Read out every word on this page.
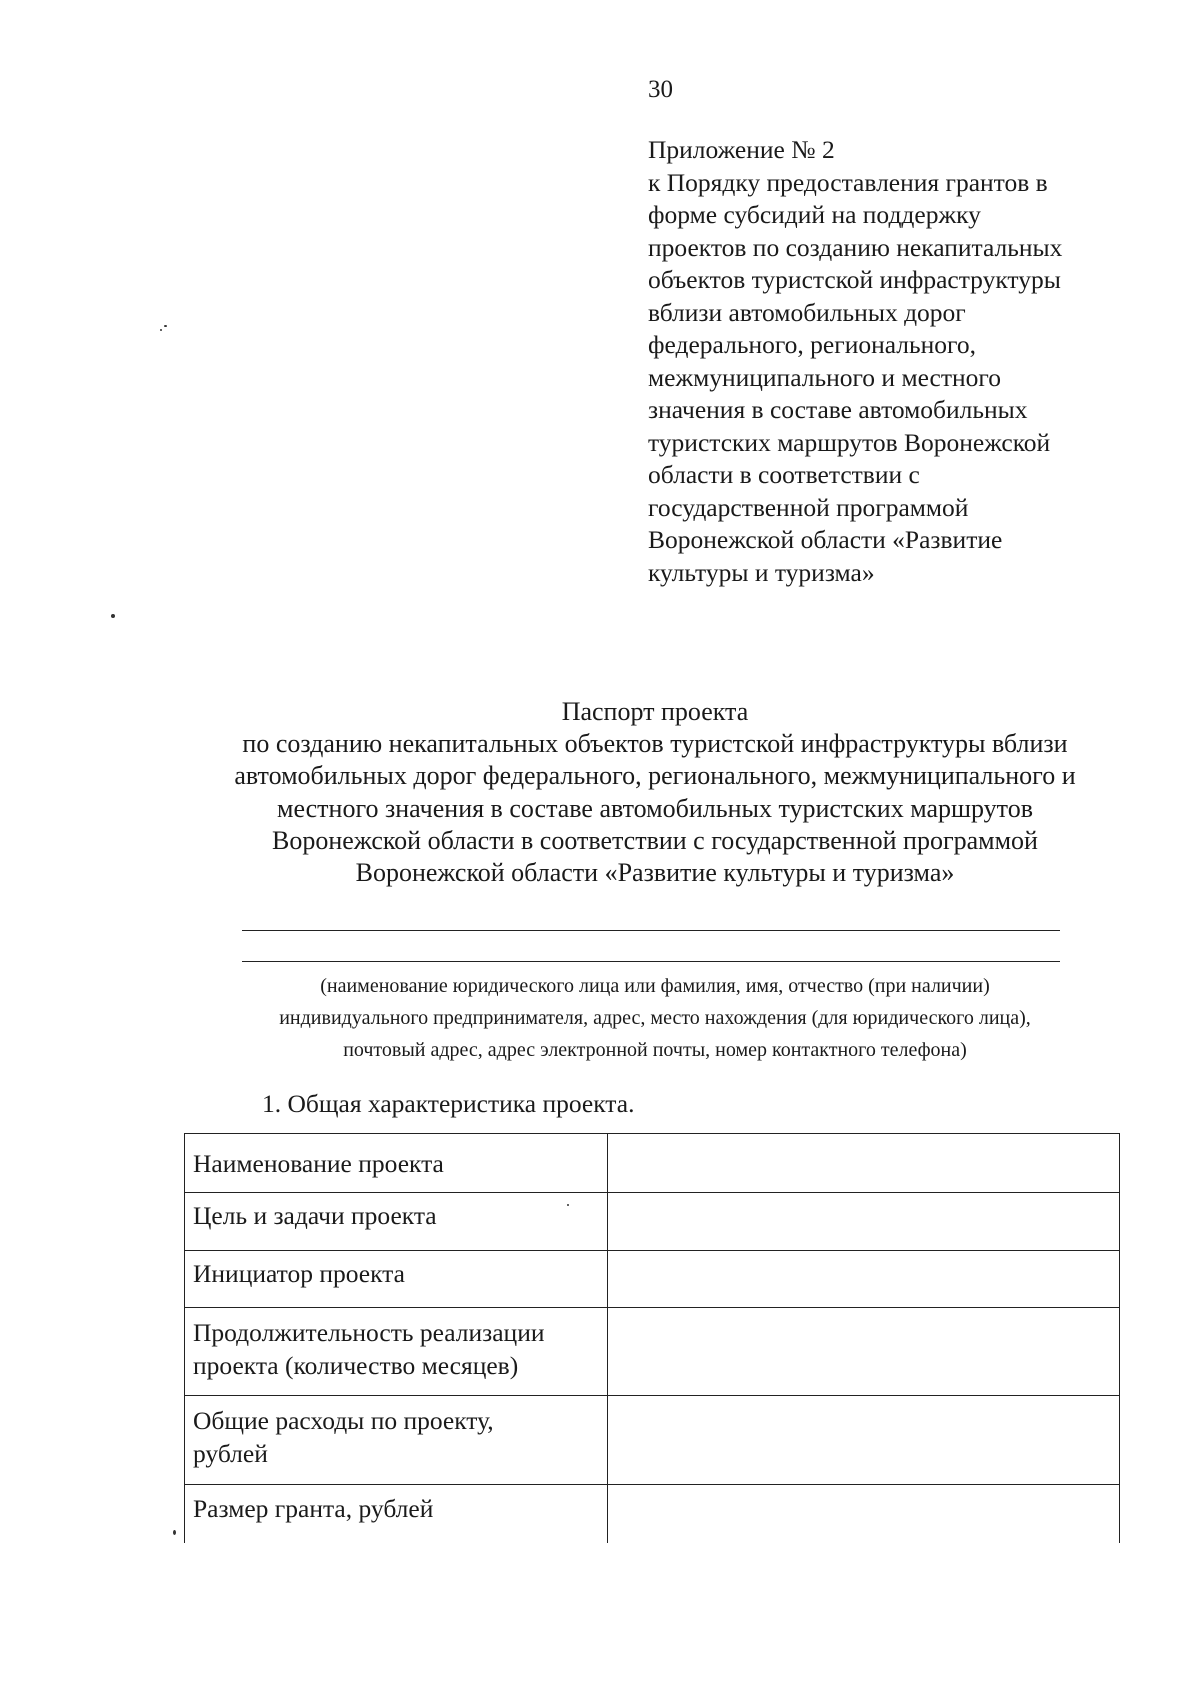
30
Приложение № 2
к Порядку предоставления грантов в
форме субсидий на поддержку
проектов по созданию некапитальных
объектов туристской инфраструктуры
вблизи автомобильных дорог
федерального, регионального,
межмуниципального и местного
значения в составе автомобильных
туристских маршрутов Воронежской
области в соответствии с
государственной программой
Воронежской области «Развитие
культуры и туризма»
Паспорт проекта
по созданию некапитальных объектов туристской инфраструктуры вблизи
автомобильных дорог федерального, регионального, межмуниципального и
местного значения в составе автомобильных туристских маршрутов
Воронежской области в соответствии с государственной программой
Воронежской области «Развитие культуры и туризма»
(наименование юридического лица или фамилия, имя, отчество (при наличии)
индивидуального предпринимателя, адрес, место нахождения (для юридического лица),
почтовый адрес, адрес электронной почты, номер контактного телефона)
1. Общая характеристика проекта.
Наименование проекта
Цель и задачи проекта
Инициатор проекта
Продолжительность реализации
проекта (количество месяцев)
Общие расходы по проекту,
рублей
Размер гранта, рублей
